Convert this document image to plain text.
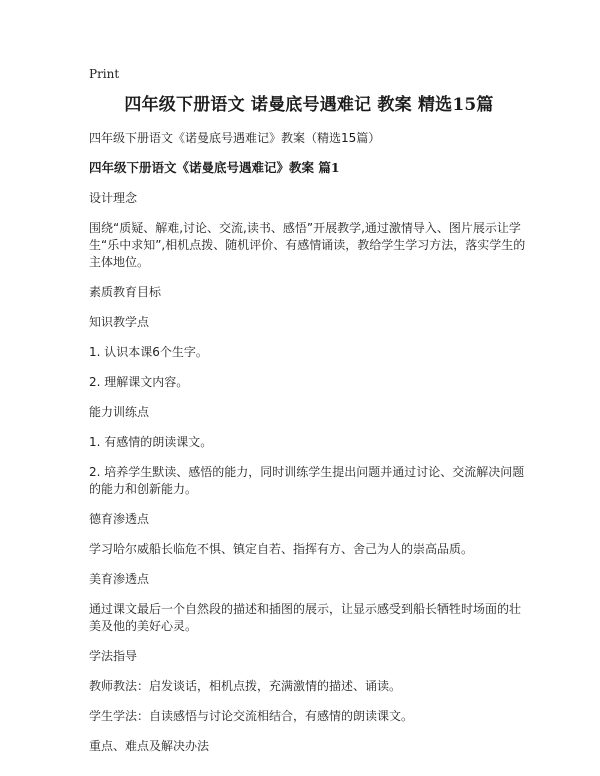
Print
四年级下册语文 诺曼底号遇难记 教案 精选15篇
四年级下册语文《诺曼底号遇难记》教案（精选15篇）
四年级下册语文《诺曼底号遇难记》教案 篇1
设计理念
围绕“质疑、解难,讨论、交流,读书、感悟”开展教学,通过激情导入、图片展示让学生“乐中求知”,相机点拨、随机评价、有感情诵读，教给学生学习方法，落实学生的主体地位。
素质教育目标
知识教学点
1. 认识本课6个生字。
2. 理解课文内容。
能力训练点
1. 有感情的朗读课文。
2. 培养学生默读、感悟的能力，同时训练学生提出问题并通过讨论、交流解决问题的能力和创新能力。
德育渗透点
学习哈尔威船长临危不惧、镇定自若、指挥有方、舍己为人的崇高品质。
美育渗透点
通过课文最后一个自然段的描述和插图的展示，让显示感受到船长牺牲时场面的壮美及他的美好心灵。
学法指导
教师教法：启发谈话，相机点拨，充满激情的描述、诵读。
学生学法：自读感悟与讨论交流相结合，有感情的朗读课文。
重点、难点及解决办法
